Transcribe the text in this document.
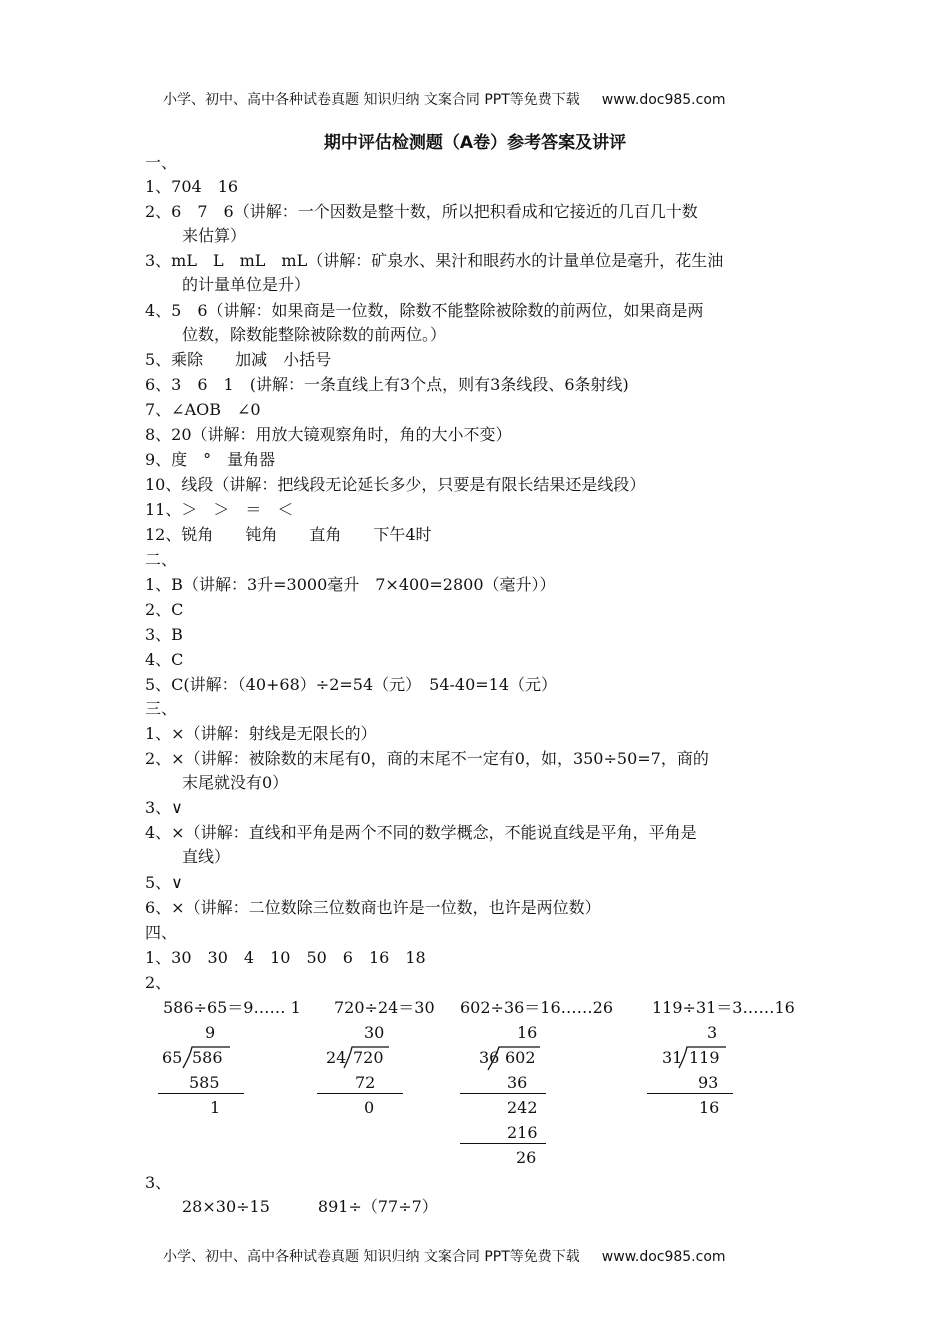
小学、初中、高中各种试卷真题 知识归纳 文案合同 PPT等免费下载 www.doc985.com
期中评估检测题（A卷）参考答案及讲评
一、
1、704　16
2、6　7　6（讲解：一个因数是整十数，所以把积看成和它接近的几百几十数
来估算）
3、mL　L　mL　mL（讲解：矿泉水、果汁和眼药水的计量单位是毫升，花生油
的计量单位是升）
4、5　6（讲解：如果商是一位数，除数不能整除被除数的前两位，如果商是两
位数，除数能整除被除数的前两位。）
5、乘除　　加减　小括号
6、3　6　1　(讲解：一条直线上有3个点，则有3条线段、6条射线)
7、∠AOB　∠0
8、20（讲解：用放大镜观察角时，角的大小不变）
9、度　°　量角器
10、线段（讲解：把线段无论延长多少，只要是有限长结果还是线段）
11、＞　＞　＝　＜
12、锐角　　钝角　　直角　　下午4时
二、
1、B（讲解：3升=3000毫升　7×400=2800（毫升））
2、C
3、B
4、C
5、C(讲解：（40+68）÷2=54（元）　54-40=14（元）
三、
1、×（讲解：射线是无限长的）
2、×（讲解：被除数的末尾有0，商的末尾不一定有0，如，350÷50=7，商的
末尾就没有0）
3、∨
4、×（讲解：直线和平角是两个不同的数学概念，不能说直线是平角，平角是
直线）
5、∨
6、×（讲解：二位数除三位数商也许是一位数，也许是两位数）
四、
1、30　30　4　10　50　6　16　18
2、
586÷65＝9…… 1
9
65 586
585
1
720÷24＝30
30
24 720
72
0
602÷36＝16……26
16
36 602
36
242
216
26
119÷31＝3……16
3
31 119
93
16
3、
28×30÷15　　　891÷（77÷7）
小学、初中、高中各种试卷真题 知识归纳 文案合同 PPT等免费下载 www.doc985.com
